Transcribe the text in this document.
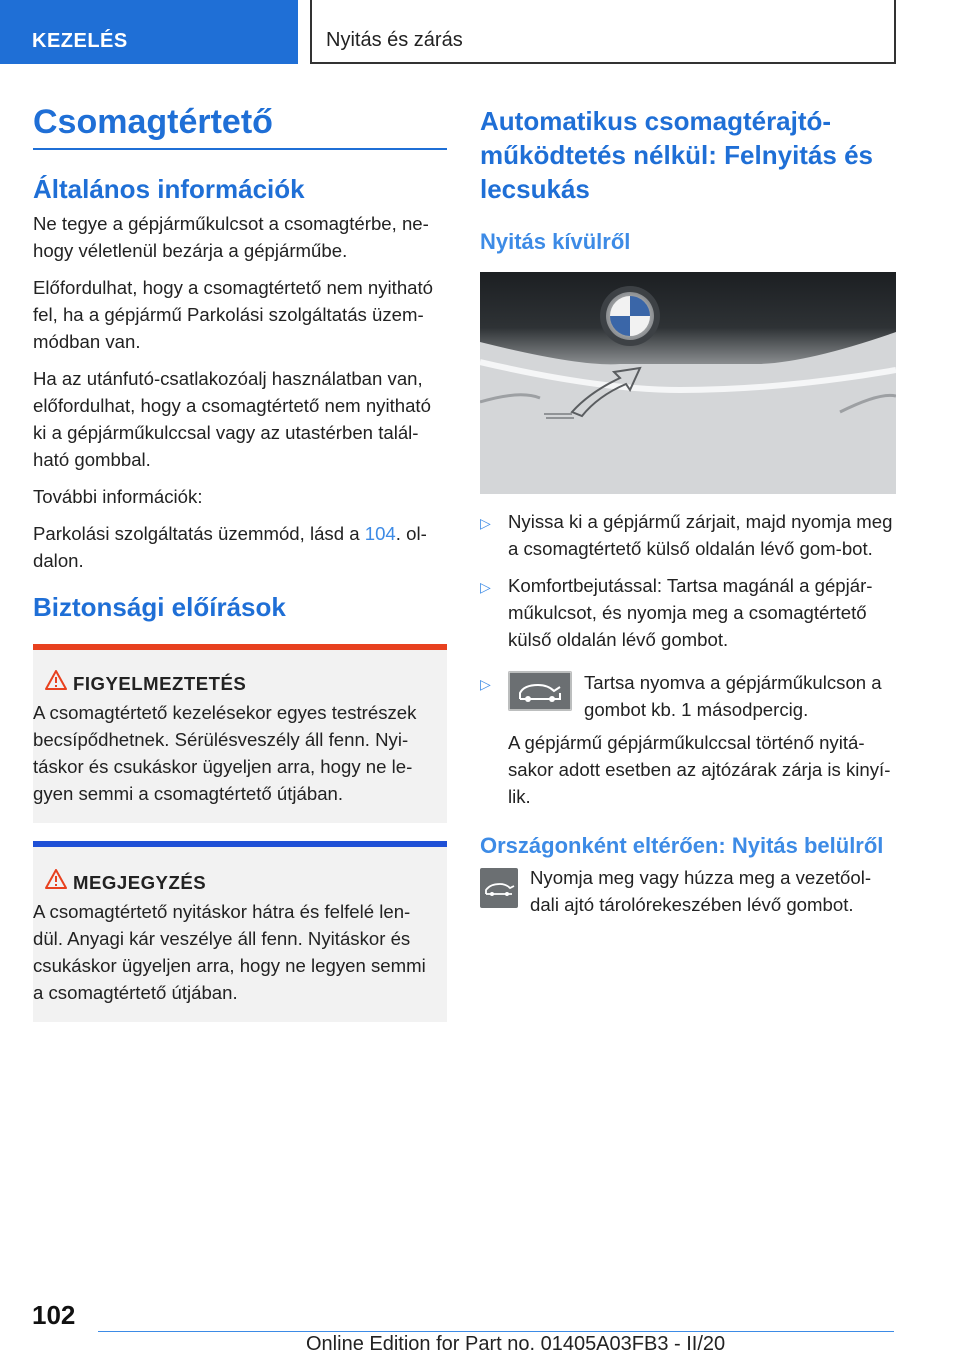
KEZELÉS	Nyitás és zárás
Csomagtértető
Általános információk

Ne tegye a gépjárműkulcsot a csomagtérbe, ne-hogy véletlenül bezárja a gépjárműbe.

Előfordulhat, hogy a csomagtértető nem nyitható fel, ha a gépjármű Parkolási szolgáltatás üzem-módban van.

Ha az utánfutó-csatlakozóalj használatban van, előfordulhat, hogy a csomagtértető nem nyitható ki a gépjárműkulccsal vagy az utastérben talál-ható gombbal.

További információk:

Parkolási szolgáltatás üzemmód, lásd a 104. ol-dalon.

Biztonsági előírások
FIGYELMEZTETÉS

A csomagtértető kezelésekor egyes testrészek becsípődhetnek. Sérülésveszély áll fenn. Nyi-táskor és csukáskor ügyeljen arra, hogy ne le-gyen semmi a csomagtértető útjában.

MEGJEGYZÉS

A csomagtértető nyitáskor hátra és felfelé len-dül. Anyagi kár veszélye áll fenn. Nyitáskor és csukáskor ügyeljen arra, hogy ne legyen semmi a csomagtértető útjában.

Automatikus csomagtérajtó-működtetés nélkül: Felnyitás és lecsukás
Nyitás kívülről
▷ Nyissa ki a gépjármű zárjait, majd nyomja meg a csomagtértető külső oldalán lévő gom-bot.
▷ Komfortbejutással: Tartsa magánál a gépjár-műkulcsot, és nyomja meg a csomagtértető külső oldalán lévő gombot.
▷	Tartsa nyomva a gépjárműkulcson a gombot kb. 1 másodpercig.

A gépjármű gépjárműkulccsal történő nyitá-sakor adott esetben az ajtózárak zárja is kinyí-lik.

Országonként eltérően: Nyitás belülről
Nyomja meg vagy húzza meg a vezetőol-dali ajtó tárolórekeszében lévő gombot.
102
Online Edition for Part no. 01405A03FB3 - II/20
